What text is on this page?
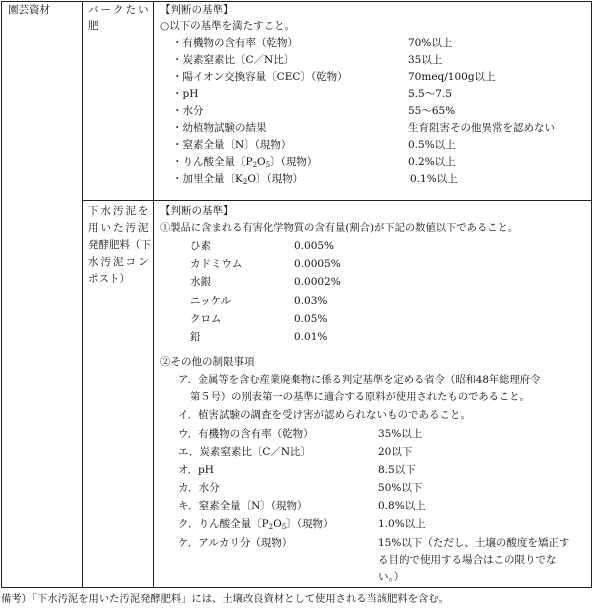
園芸資材	バークたい
肥
【判断の基準】
○以下の基準を満たすこと。
・有機物の含有率（乾物）	70%以上
・炭素窒素比〔C／N比〕	35以上
・陽イオン交換容量〔CEC〕（乾物）	70meq/100g以上
・pH	5.5～7.5
・水分	55～65%
・幼植物試験の結果	生育阻害その他異常を認めない
・窒素全量〔N〕（現物）	0.5%以上
・りん酸全量〔$P_2O_5$〕（現物）	0.2%以上
・加里全量〔$K_2O$〕（現物）	0.1%以上
下水汚泥を
用いた汚泥
発酵肥料（下
水汚泥コン
ポスト）
【判断の基準】
①製品に含まれる有害化学物質の含有量(割合)が下記の数値以下であること。
ひ素	0.005%
カドミウム	0.0005%
水銀	0.0002%
ニッケル	0.03%
クロム	0.05%
鉛	0.01%
②その他の制限事項
ア．金属等を含む産業廃棄物に係る判定基準を定める省令（昭和48年総理府令
第５号）の別表第一の基準に適合する原料が使用されたものであること。
イ．植害試験の調査を受け害が認められないものであること。
ウ．有機物の含有率（乾物）	35%以上
エ．炭素窒素比〔C／N比〕	20以下
オ．pH	8.5以下
カ．水分	50%以下
キ．窒素全量〔N〕（現物）	0.8%以上
ク．りん酸全量〔$P_2O_5$〕（現物）	1.0%以上
ケ．アルカリ分（現物）	15%以下（ただし、土壌の酸度を矯正す
る目的で使用する場合はこの限りでな
い。）
備考）「下水汚泥を用いた汚泥発酵肥料」には、土壌改良資材として使用される当該肥料を含む。
